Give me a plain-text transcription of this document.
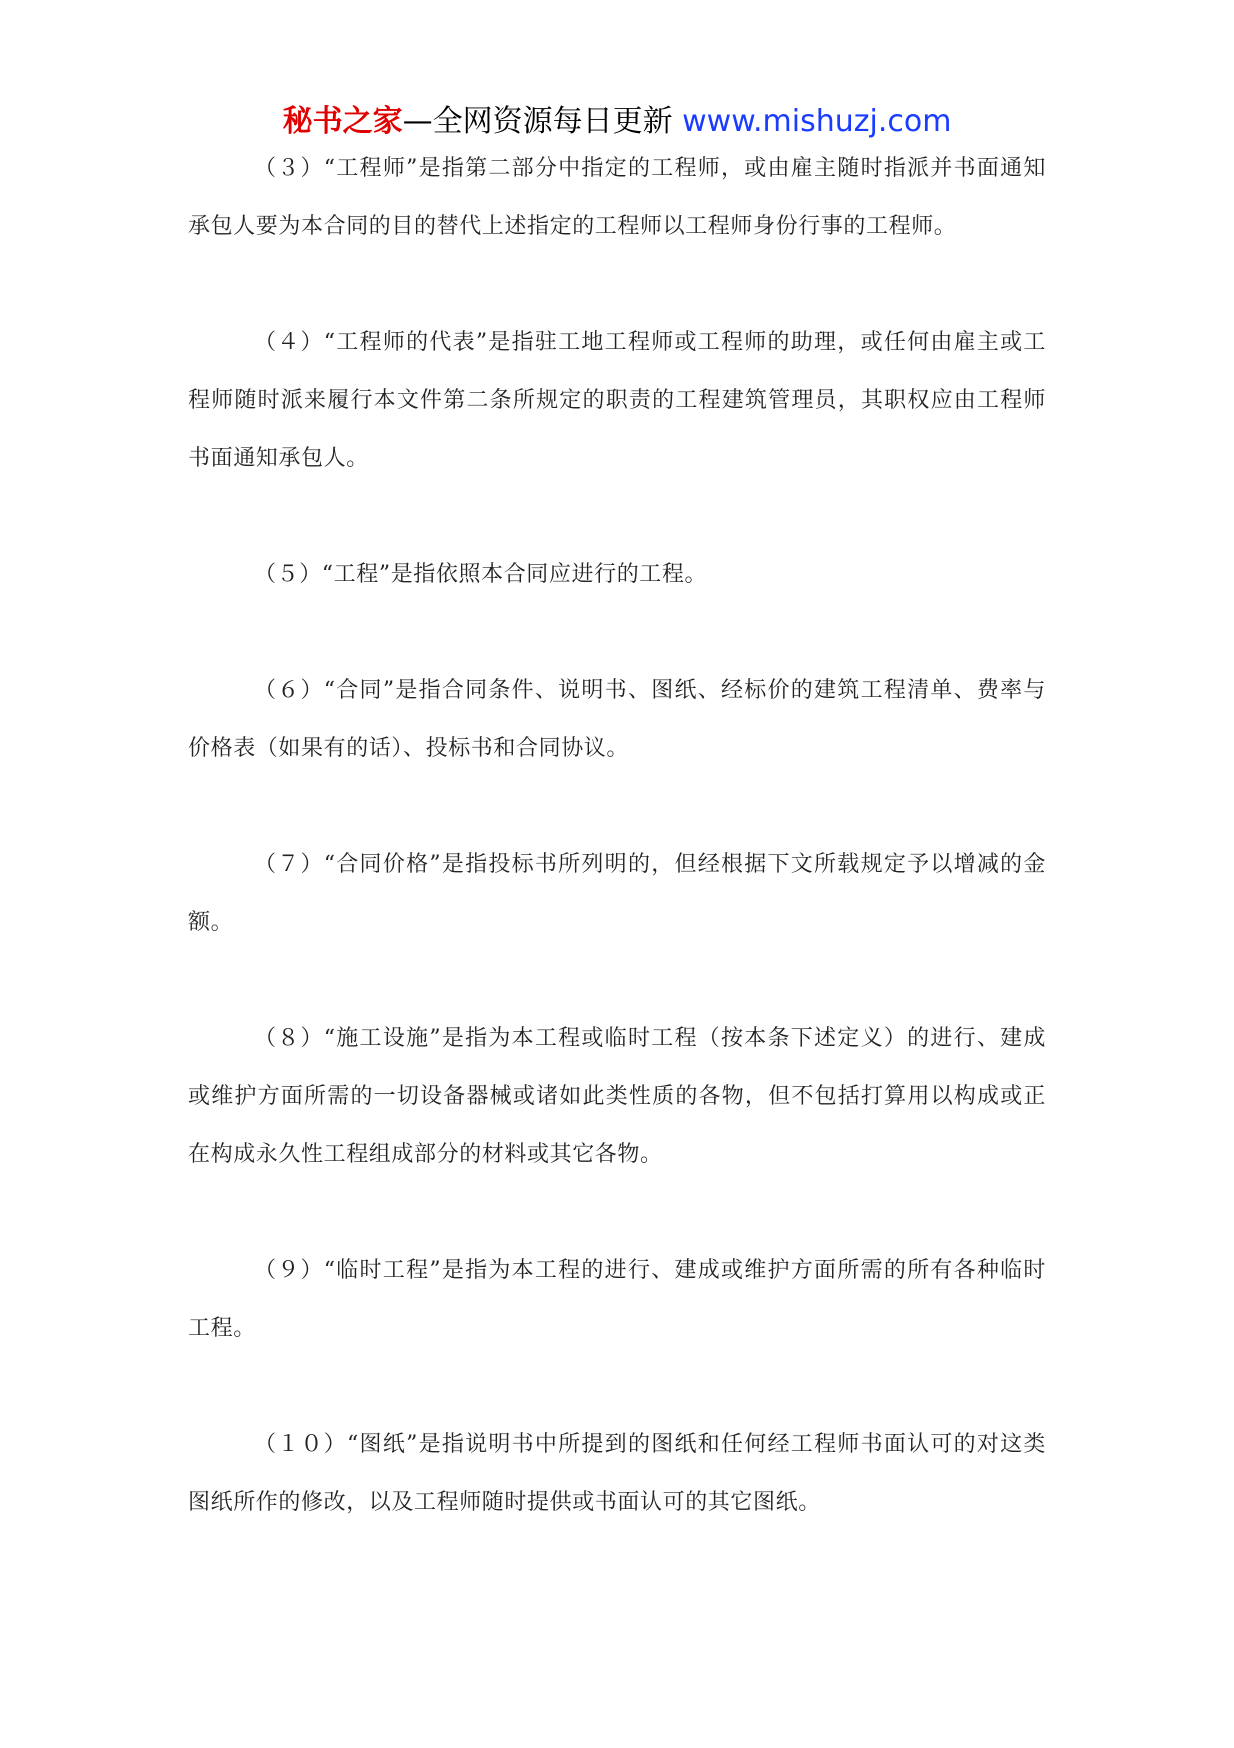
秘书之家—全网资源每日更新 www.mishuzj.com

（３）“工程师”是指第二部分中指定的工程师，或由雇主随时指派并书面通知承包人要为本合同的目的替代上述指定的工程师以工程师身份行事的工程师。

（４）“工程师的代表”是指驻工地工程师或工程师的助理，或任何由雇主或工程师随时派来履行本文件第二条所规定的职责的工程建筑管理员，其职权应由工程师书面通知承包人。

（５）“工程”是指依照本合同应进行的工程。

（６）“合同”是指合同条件、说明书、图纸、经标价的建筑工程清单、费率与价格表（如果有的话）、投标书和合同协议。

（７）“合同价格”是指投标书所列明的，但经根据下文所载规定予以增减的金额。

（８）“施工设施”是指为本工程或临时工程（按本条下述定义）的进行、建成或维护方面所需的一切设备器械或诸如此类性质的各物，但不包括打算用以构成或正在构成永久性工程组成部分的材料或其它各物。

（９）“临时工程”是指为本工程的进行、建成或维护方面所需的所有各种临时工程。

（１０）“图纸”是指说明书中所提到的图纸和任何经工程师书面认可的对这类图纸所作的修改，以及工程师随时提供或书面认可的其它图纸。
